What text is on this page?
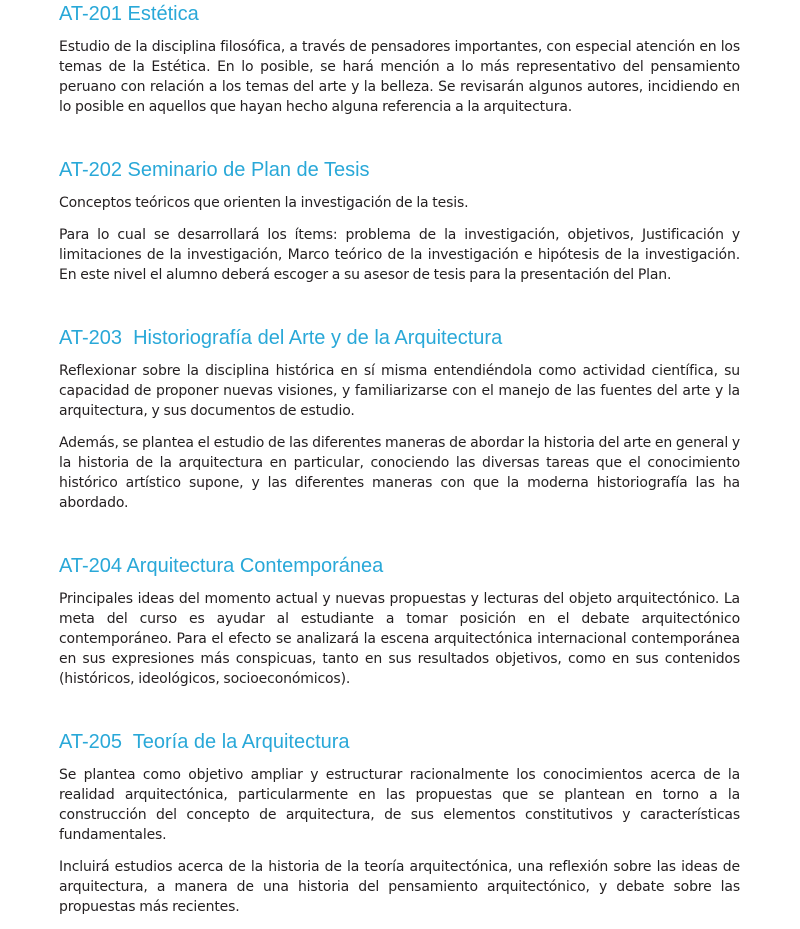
AT-201 Estética

Estudio de la disciplina filosófica, a través de pensadores importantes, con especial atención en los temas de la Estética. En lo posible, se hará mención a lo más representativo del pensamiento peruano con relación a los temas del arte y la belleza. Se revisarán algunos autores, incidiendo en lo posible en aquellos que hayan hecho alguna referencia a la arquitectura.

AT-202 Seminario de Plan de Tesis

Conceptos teóricos que orienten la investigación de la tesis.

Para lo cual se desarrollará los ítems: problema de la investigación, objetivos, Justificación y limitaciones de la investigación, Marco teórico de la investigación e hipótesis de la investigación. En este nivel el alumno deberá escoger a su asesor de tesis para la presentación del Plan.

AT-203  Historiografía del Arte y de la Arquitectura

Reflexionar sobre la disciplina histórica en sí misma entendiéndola como actividad científica, su capacidad de proponer nuevas visiones, y familiarizarse con el manejo de las fuentes del arte y la arquitectura, y sus documentos de estudio.

Además, se plantea el estudio de las diferentes maneras de abordar la historia del arte en general y la historia de la arquitectura en particular, conociendo las diversas tareas que el conocimiento histórico artístico supone, y las diferentes maneras con que la moderna historiografía las ha abordado.

AT-204 Arquitectura Contemporánea

Principales ideas del momento actual y nuevas propuestas y lecturas del objeto arquitectónico. La meta del curso es ayudar al estudiante a tomar posición en el debate arquitectónico contemporáneo. Para el efecto se analizará la escena arquitectónica internacional contemporánea en sus expresiones más conspicuas, tanto en sus resultados objetivos, como en sus contenidos (históricos, ideológicos, socioeconómicos).

AT-205  Teoría de la Arquitectura

Se plantea como objetivo ampliar y estructurar racionalmente los conocimientos acerca de la realidad arquitectónica, particularmente en las propuestas que se plantean en torno a la construcción del concepto de arquitectura, de sus elementos constitutivos y características fundamentales.

Incluirá estudios acerca de la historia de la teoría arquitectónica, una reflexión sobre las ideas de arquitectura, a manera de una historia del pensamiento arquitectónico, y debate sobre las propuestas más recientes.
